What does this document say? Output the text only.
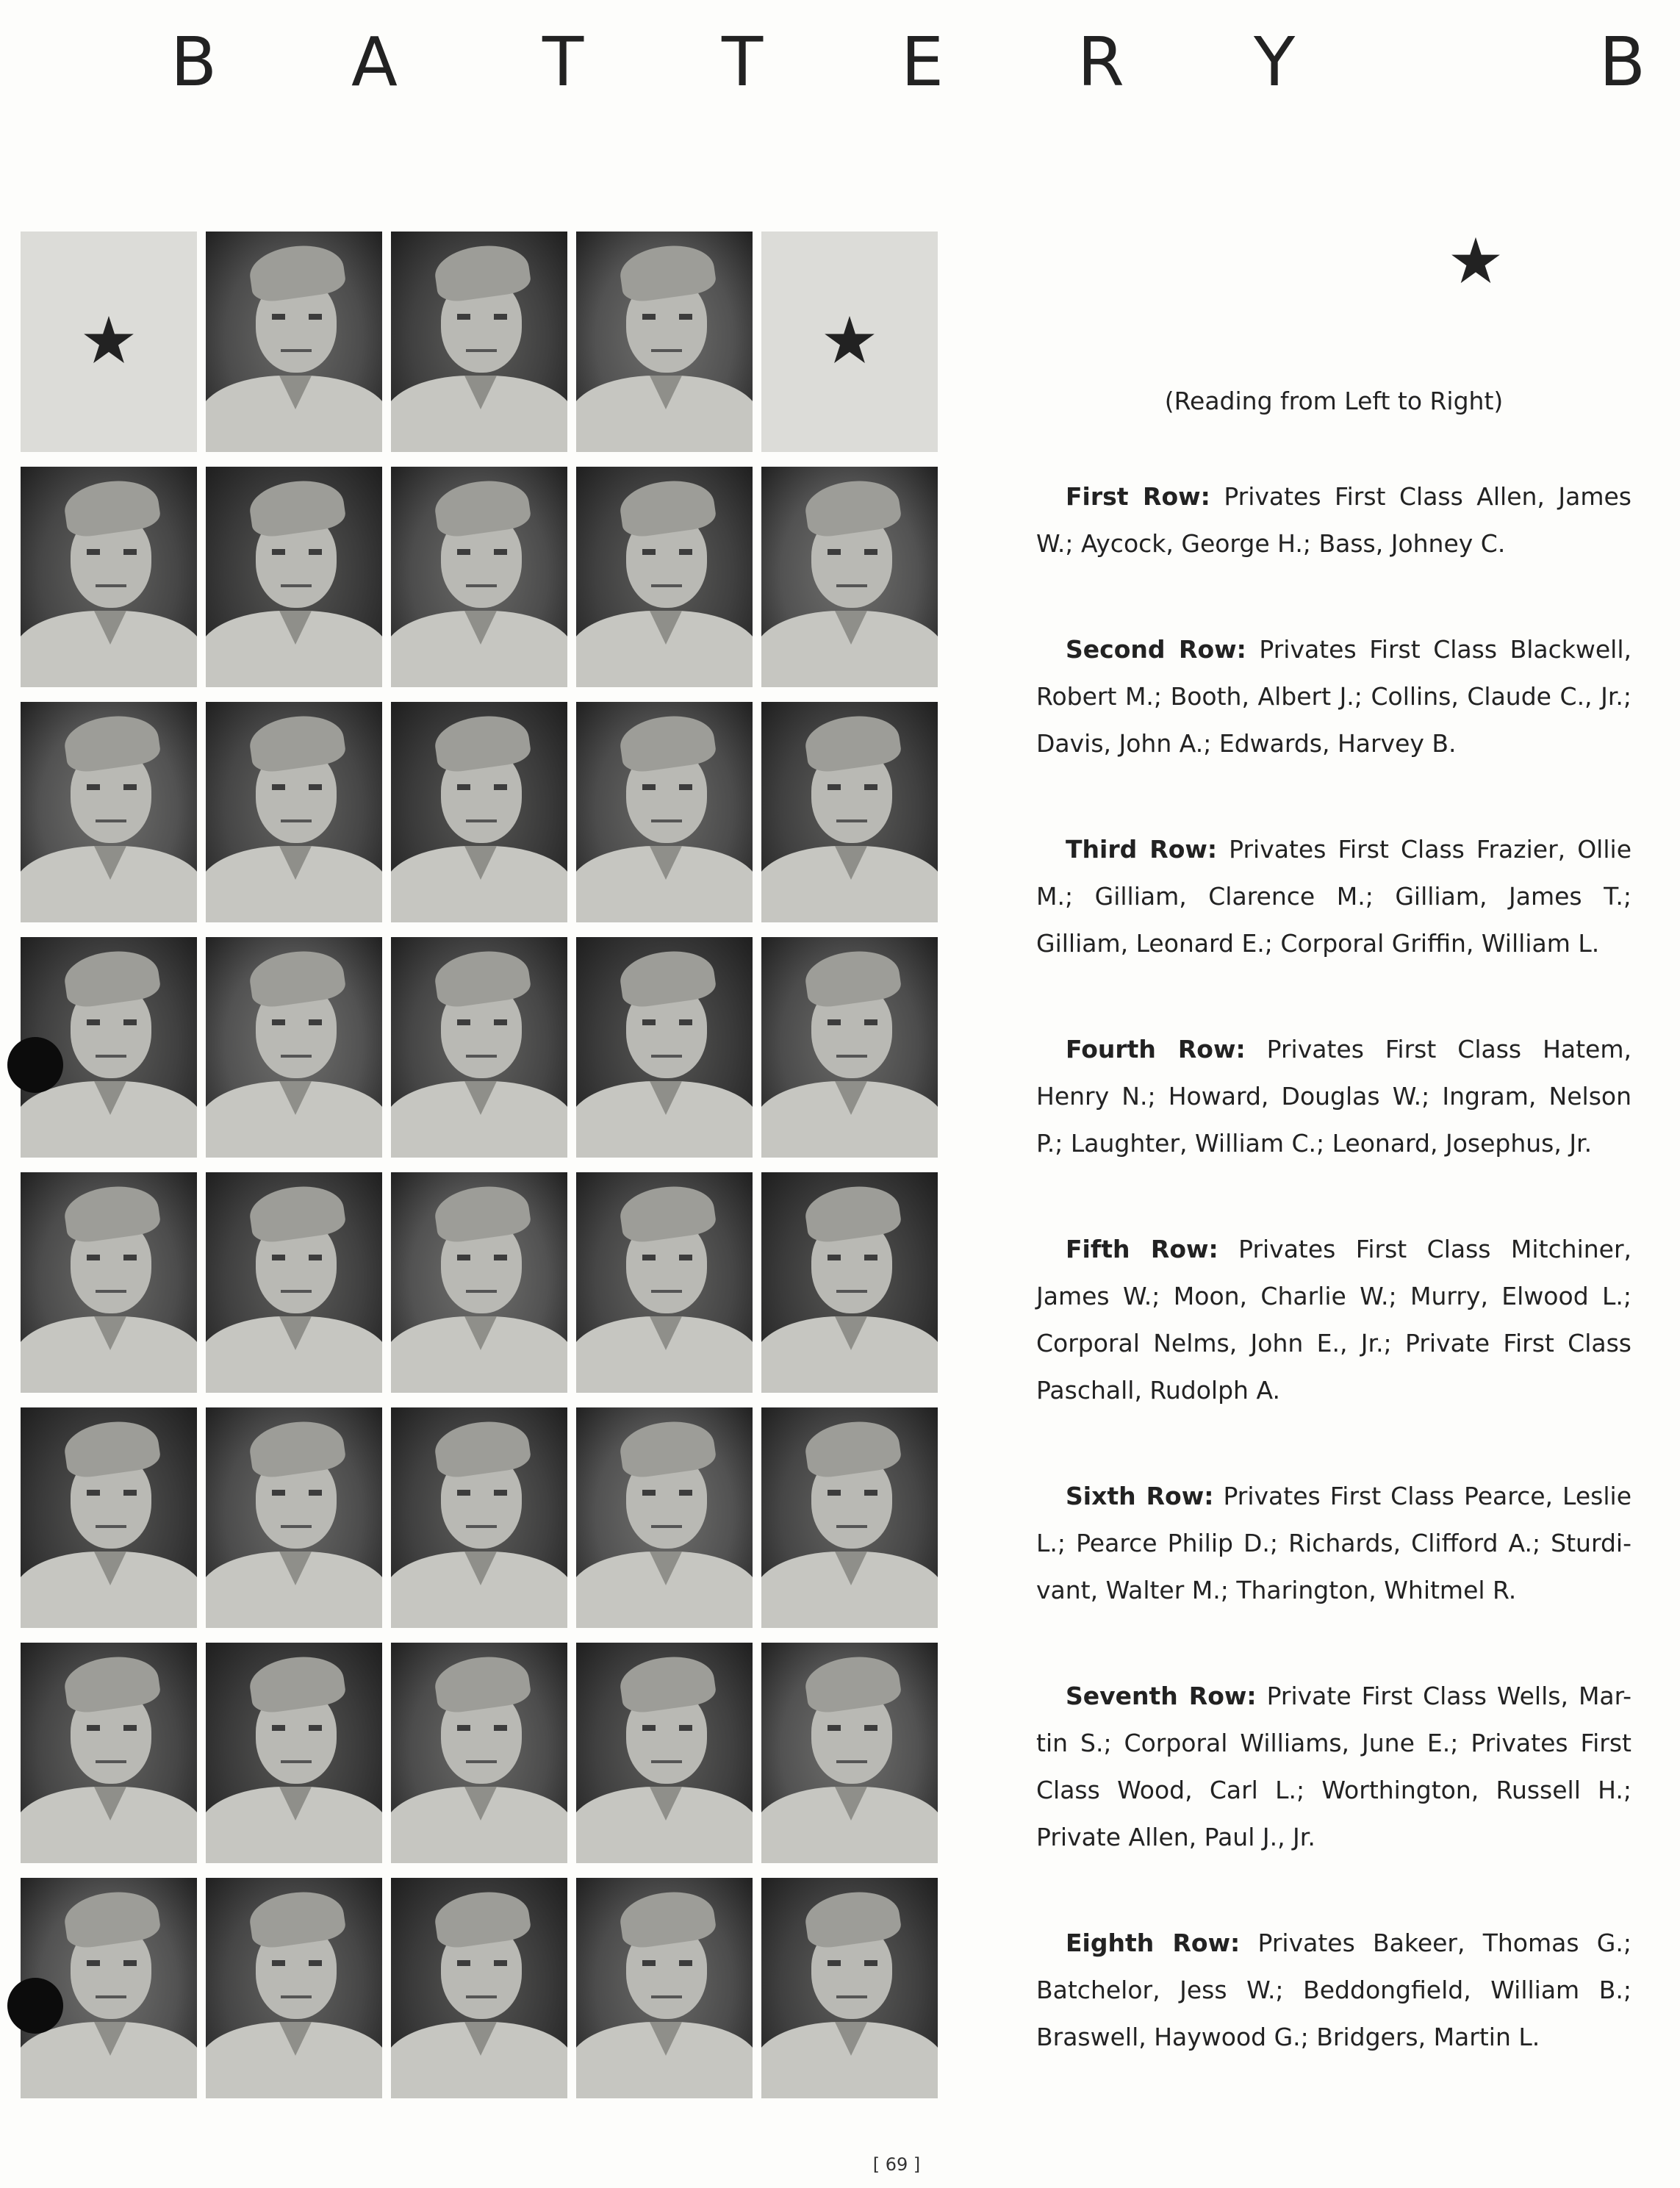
B A T T E R Y	B
(Reading from Left to Right)

First Row: Privates First Class Allen, James W.; Aycock, George H.; Bass, Johney C.

Second Row: Privates First Class Blackwell, Robert M.; Booth, Albert J.; Collins, Claude C., Jr.; Davis, John A.; Edwards, Harvey B.

Third Row: Privates First Class Frazier, Ollie M.; Gilliam, Clarence M.; Gilliam, James T.; Gilliam, Leonard E.; Corporal Griffin, William L.

Fourth Row: Privates First Class Hatem, Henry N.; Howard, Douglas W.; Ingram, Nelson P.; Laughter, William C.; Leonard, Josephus, Jr.

Fifth Row: Privates First Class Mitchiner, James W.; Moon, Charlie W.; Murry, Elwood L.; Corporal Nelms, John E., Jr.; Private First Class Paschall, Rudolph A.

Sixth Row: Privates First Class Pearce, Leslie L.; Pearce Philip D.; Richards, Clifford A.; Sturdi-vant, Walter M.; Tharington, Whitmel R.

Seventh Row: Private First Class Wells, Mar-tin S.; Corporal Williams, June E.; Privates First Class Wood, Carl L.; Worthington, Russell H.; Private Allen, Paul J., Jr.

Eighth Row: Privates Bakeer, Thomas G.; Batchelor, Jess W.; Beddongfield, William B.; Braswell, Haywood G.; Bridgers, Martin L.

[ 69 ]
